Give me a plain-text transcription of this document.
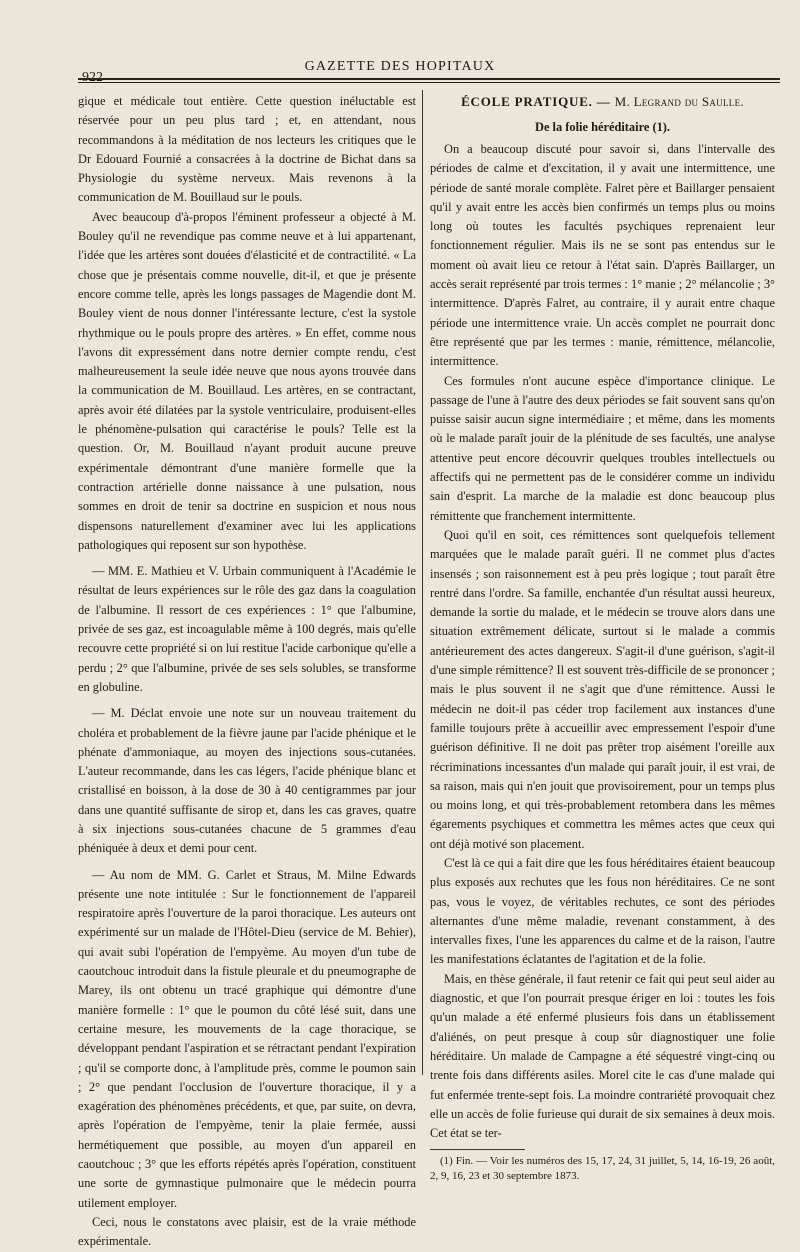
922
GAZETTE DES HOPITAUX

gique et médicale tout entière. Cette question inéluctable est réservée pour un peu plus tard ; et, en attendant, nous recommandons à la méditation de nos lecteurs les critiques que le Dr Edouard Fournié a consacrées à la doctrine de Bichat dans sa Physiologie du système nerveux. Mais revenons à la communication de M. Bouillaud sur le pouls.

Avec beaucoup d'à-propos l'éminent professeur a objecté à M. Bouley qu'il ne revendique pas comme neuve et à lui appartenant, l'idée que les artères sont douées d'élasticité et de contractilité. « La chose que je présentais comme nouvelle, dit-il, et que je présente encore comme telle, après les longs passages de Magendie dont M. Bouley vient de nous donner l'intéressante lecture, c'est la systole rhythmique ou le pouls propre des artères. » En effet, comme nous l'avons dit expressément dans notre dernier compte rendu, c'est malheureusement la seule idée neuve que nous ayons trouvée dans la communication de M. Bouillaud. Les artères, en se contractant, après avoir été dilatées par la systole ventriculaire, produisent-elles le phénomène-pulsation qui caractérise le pouls? Telle est la question. Or, M. Bouillaud n'ayant produit aucune preuve expérimentale démontrant d'une manière formelle que la contraction artérielle donne naissance à une pulsation, nous sommes en droit de tenir sa doctrine en suspicion et nous nous dispensons naturellement d'examiner avec lui les applications pathologiques qui reposent sur son hypothèse.

— MM. E. Mathieu et V. Urbain communiquent à l'Académie le résultat de leurs expériences sur le rôle des gaz dans la coagulation de l'albumine. Il ressort de ces expériences : 1° que l'albumine, privée de ses gaz, est incoagulable même à 100 degrés, mais qu'elle recouvre cette propriété si on lui restitue l'acide carbonique qu'elle a perdu ; 2° que l'albumine, privée de ses sels solubles, se transforme en globuline.

— M. Déclat envoie une note sur un nouveau traitement du choléra et probablement de la fièvre jaune par l'acide phénique et le phénate d'ammoniaque, au moyen des injections sous-cutanées. L'auteur recommande, dans les cas légers, l'acide phénique blanc et cristallisé en boisson, à la dose de 30 à 40 centigrammes par jour dans une quantité suffisante de sirop et, dans les cas graves, quatre à six injections sous-cutanées chacune de 5 grammes d'eau phéniquée à deux et demi pour cent.

— Au nom de MM. G. Carlet et Straus, M. Milne Edwards présente une note intitulée : Sur le fonctionnement de l'appareil respiratoire après l'ouverture de la paroi thoracique. Les auteurs ont expérimenté sur un malade de l'Hôtel-Dieu (service de M. Behier), qui avait subi l'opération de l'empyème. Au moyen d'un tube de caoutchouc introduit dans la fistule pleurale et du pneumographe de Marey, ils ont obtenu un tracé graphique qui démontre d'une manière formelle : 1° que le poumon du côté lésé suit, dans une certaine mesure, les mouvements de la cage thoracique, se développant pendant l'aspiration et se rétractant pendant l'expiration ; qu'il se comporte donc, à l'amplitude près, comme le poumon sain ; 2° que pendant l'occlusion de l'ouverture thoracique, il y a exagération des phénomènes précédents, et que, par suite, on devra, après l'opération de l'empyème, tenir la plaie fermée, aussi hermétiquement que possible, au moyen d'un appareil en caoutchouc ; 3° que les efforts répétés après l'opération, constituent une sorte de gymnastique pulmonaire que le médecin pourra utilement employer.

Ceci, nous le constatons avec plaisir, est de la vraie méthode expérimentale.

ÉCOLE PRATIQUE. — M. Legrand du Saulle.
De la folie héréditaire (1).

On a beaucoup discuté pour savoir si, dans l'intervalle des périodes de calme et d'excitation, il y avait une intermittence, une période de santé morale complète. Falret père et Baillarger pensaient qu'il y avait entre les accès bien confirmés un temps plus ou moins long où toutes les facultés psychiques reprenaient leur fonctionnement régulier. Mais ils ne se sont pas entendus sur le moment où avait lieu ce retour à l'état sain. D'après Baillarger, un accès serait représenté par trois termes : 1° manie ; 2° mélancolie ; 3° intermittence. D'après Falret, au contraire, il y aurait entre chaque période une intermittence vraie. Un accès complet ne pourrait donc être représenté que par les termes : manie, rémittence, mélancolie, intermittence.

Ces formules n'ont aucune espèce d'importance clinique. Le passage de l'une à l'autre des deux périodes se fait souvent sans qu'on puisse saisir aucun signe intermédiaire ; et même, dans les moments où le malade paraît jouir de la plénitude de ses facultés, une analyse attentive peut encore découvrir quelques troubles intellectuels ou affectifs qui ne permettent pas de le considérer comme un individu sain d'esprit. La marche de la maladie est donc beaucoup plus rémittente que franchement intermittente.

Quoi qu'il en soit, ces rémittences sont quelquefois tellement marquées que le malade paraît guéri. Il ne commet plus d'actes insensés ; son raisonnement est à peu près logique ; tout paraît être rentré dans l'ordre. Sa famille, enchantée d'un résultat aussi heureux, demande la sortie du malade, et le médecin se trouve alors dans une situation extrêmement délicate, surtout si le malade a commis antérieurement des actes dangereux. S'agit-il d'une guérison, s'agit-il d'une simple rémittence? Il est souvent très-difficile de se prononcer ; mais le plus souvent il ne s'agit que d'une rémittence. Aussi le médecin ne doit-il pas céder trop facilement aux instances d'une famille toujours prête à accueillir avec empressement l'espoir d'une guérison définitive. Il ne doit pas prêter trop aisément l'oreille aux récriminations incessantes d'un malade qui paraît jouir, il est vrai, de sa raison, mais qui n'en jouit que provisoirement, pour un temps plus ou moins long, et qui très-probablement retombera dans les mêmes égarements psychiques et commettra les mêmes actes que ceux qui ont déjà motivé son placement.

C'est là ce qui a fait dire que les fous héréditaires étaient beaucoup plus exposés aux rechutes que les fous non héréditaires. Ce ne sont pas, vous le voyez, de véritables rechutes, ce sont des périodes alternantes d'une même maladie, revenant constamment, à des intervalles fixes, l'une les apparences du calme et de la raison, l'autre les manifestations éclatantes de l'agitation et de la folie.

Mais, en thèse générale, il faut retenir ce fait qui peut seul aider au diagnostic, et que l'on pourrait presque ériger en loi : toutes les fois qu'un malade a été enfermé plusieurs fois dans un établissement d'aliénés, on peut presque à coup sûr diagnostiquer une folie héréditaire. Un malade de Campagne a été séquestré vingt-cinq ou trente fois dans différents asiles. Morel cite le cas d'une malade qui fut enfermée trente-sept fois. La moindre contrariété provoquait chez elle un accès de folie furieuse qui durait de six semaines à deux mois. Cet état se ter-

(1) Fin. — Voir les numéros des 15, 17, 24, 31 juillet, 5, 14, 16-19, 26 août, 2, 9, 16, 23 et 30 septembre 1873.
